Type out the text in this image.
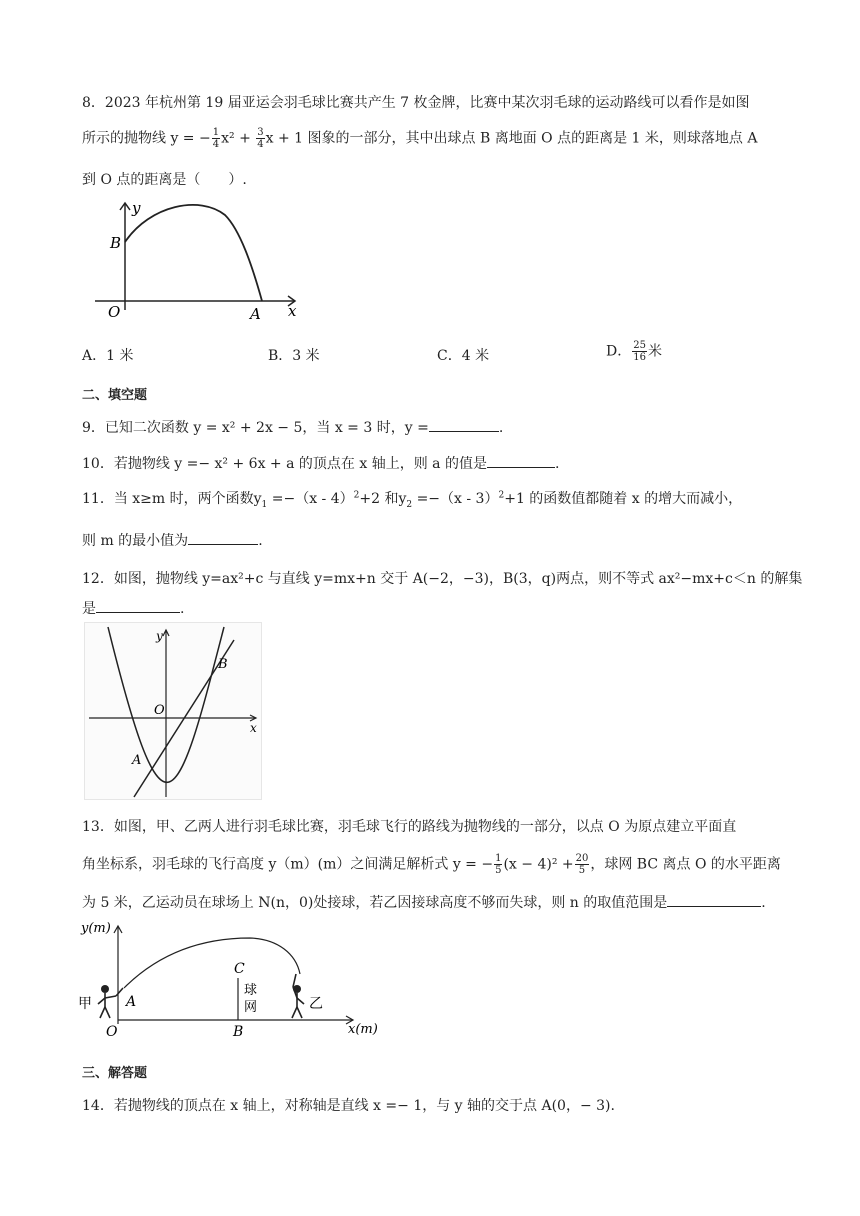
8．2023 年杭州第 19 届亚运会羽毛球比赛共产生 7 枚金牌，比赛中某次羽毛球的运动路线可以看作是如图
所示的抛物线 y = − $\frac{1}{4} x^2 + \frac{3}{4}$ x + 1 图象的一部分，其中出球点 B 离地面 O 点的距离是 1 米，则球落地点 A
到 O 点的距离是（　　）.
y
x
B
O	A
A．1 米	B．3 米	C．4 米	D． $\frac{25}{16}$ 米
二、填空题
9．已知二次函数 y = x² + 2x − 5，当 x = 3 时，y =	.
10．若抛物线 y =− x² + 6x + a 的顶点在 x 轴上，则 a 的值是	.
11．当 x≥m 时，两个函数$y_1 =-(x - 4)^2+2$ 和$y_2 =-(x - 3)^2+1$ 的函数值都随着 x 的增大而减小，
则 m 的最小值为	.
12．如图，抛物线 y=ax²+c 与直线 y=mx+n 交于 A(−2，−3)，B(3，q)两点，则不等式 ax²−mx+c＜n 的解集
是	.
y
x
O
A
B
13．如图，甲、乙两人进行羽毛球比赛，羽毛球飞行的路线为抛物线的一部分，以点 O 为原点建立平面直
角坐标系，羽毛球的飞行高度 y（m）(m）之间满足解析式 y = − $\frac{1}{5} (x - 4)^2 + \frac{20}{5}$ ，球网 BC 离点 O 的水平距离
为 5 米，乙运动员在球场上 N(n，0)处接球，若乙因接球高度不够而失球，则 n 的取值范围是	.
y(m)
x(m)
O
A
B
C
球
网
甲	乙
三、解答题
14．若抛物线的顶点在 x 轴上，对称轴是直线 x =− 1，与 y 轴的交于点 A(0，− 3).
